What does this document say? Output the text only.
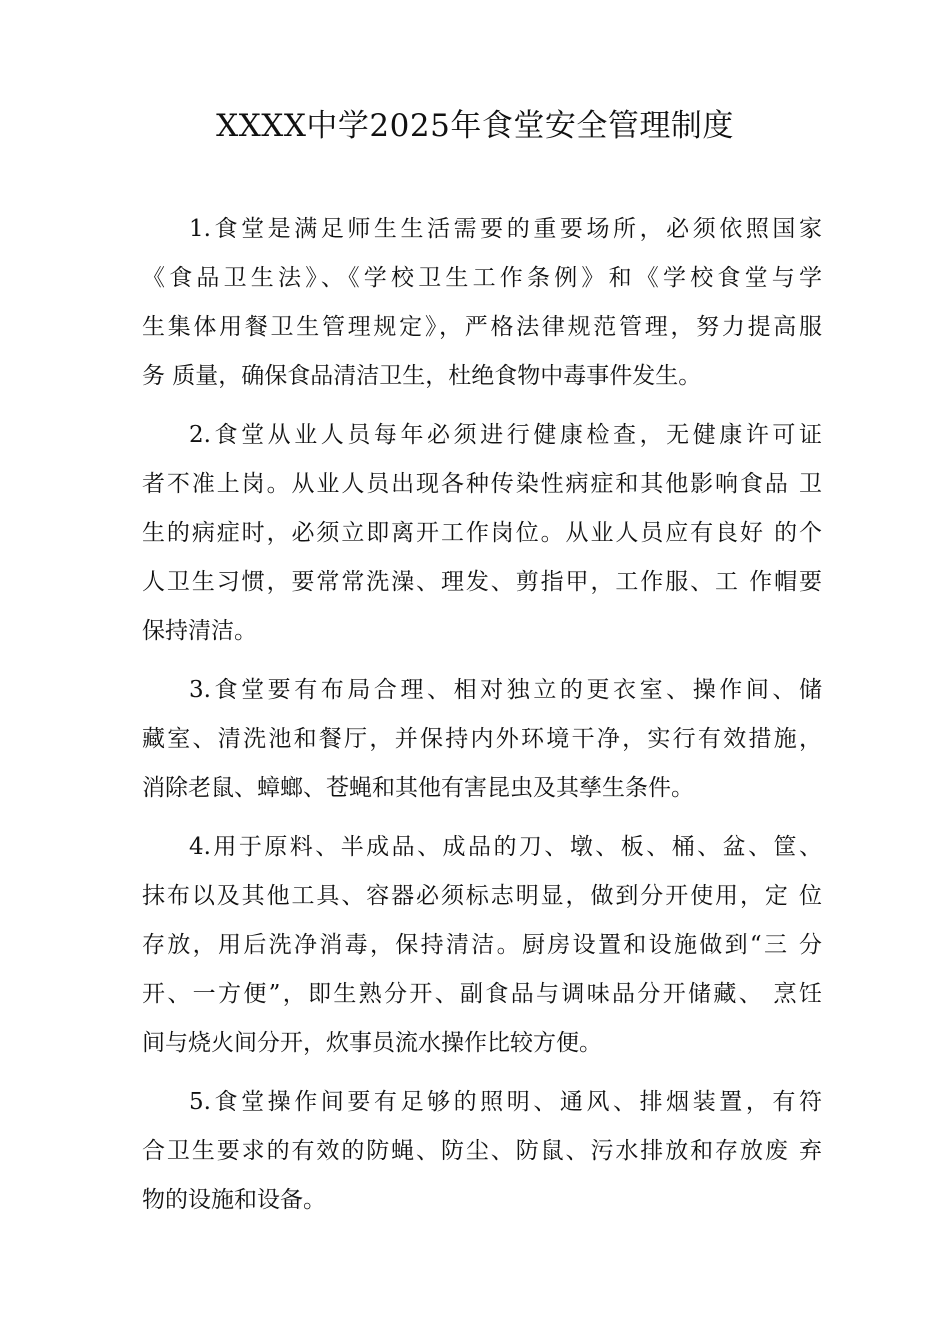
XXXX中学2025年食堂安全管理制度
1.食堂是满足师生生活需要的重要场所，必须依照国家
《食品卫生法》、《学校卫生工作条例》和《学校食堂与学
生集体用餐卫生管理规定》，严格法律规范管理，努力提高服
务 质量，确保食品清洁卫生，杜绝食物中毒事件发生。
2.食堂从业人员每年必须进行健康检查，无健康许可证
者不准上岗。从业人员出现各种传染性病症和其他影响食品 卫
生的病症时，必须立即离开工作岗位。从业人员应有良好 的个
人卫生习惯，要常常洗澡、理发、剪指甲，工作服、工 作帽要
保持清洁。
3.食堂要有布局合理、相对独立的更衣室、操作间、储
藏室、清洗池和餐厅，并保持内外环境干净，实行有效措施，
消除老鼠、蟑螂、苍蝇和其他有害昆虫及其孳生条件。
4.用于原料、半成品、成品的刀、墩、板、桶、盆、筐、
抹布以及其他工具、容器必须标志明显，做到分开使用，定 位
存放，用后洗净消毒，保持清洁。厨房设置和设施做到“三 分
开、一方便”，即生熟分开、副食品与调味品分开储藏、 烹饪
间与烧火间分开，炊事员流水操作比较方便。
5.食堂操作间要有足够的照明、通风、排烟装置，有符
合卫生要求的有效的防蝇、防尘、防鼠、污水排放和存放废 弃
物的设施和设备。
